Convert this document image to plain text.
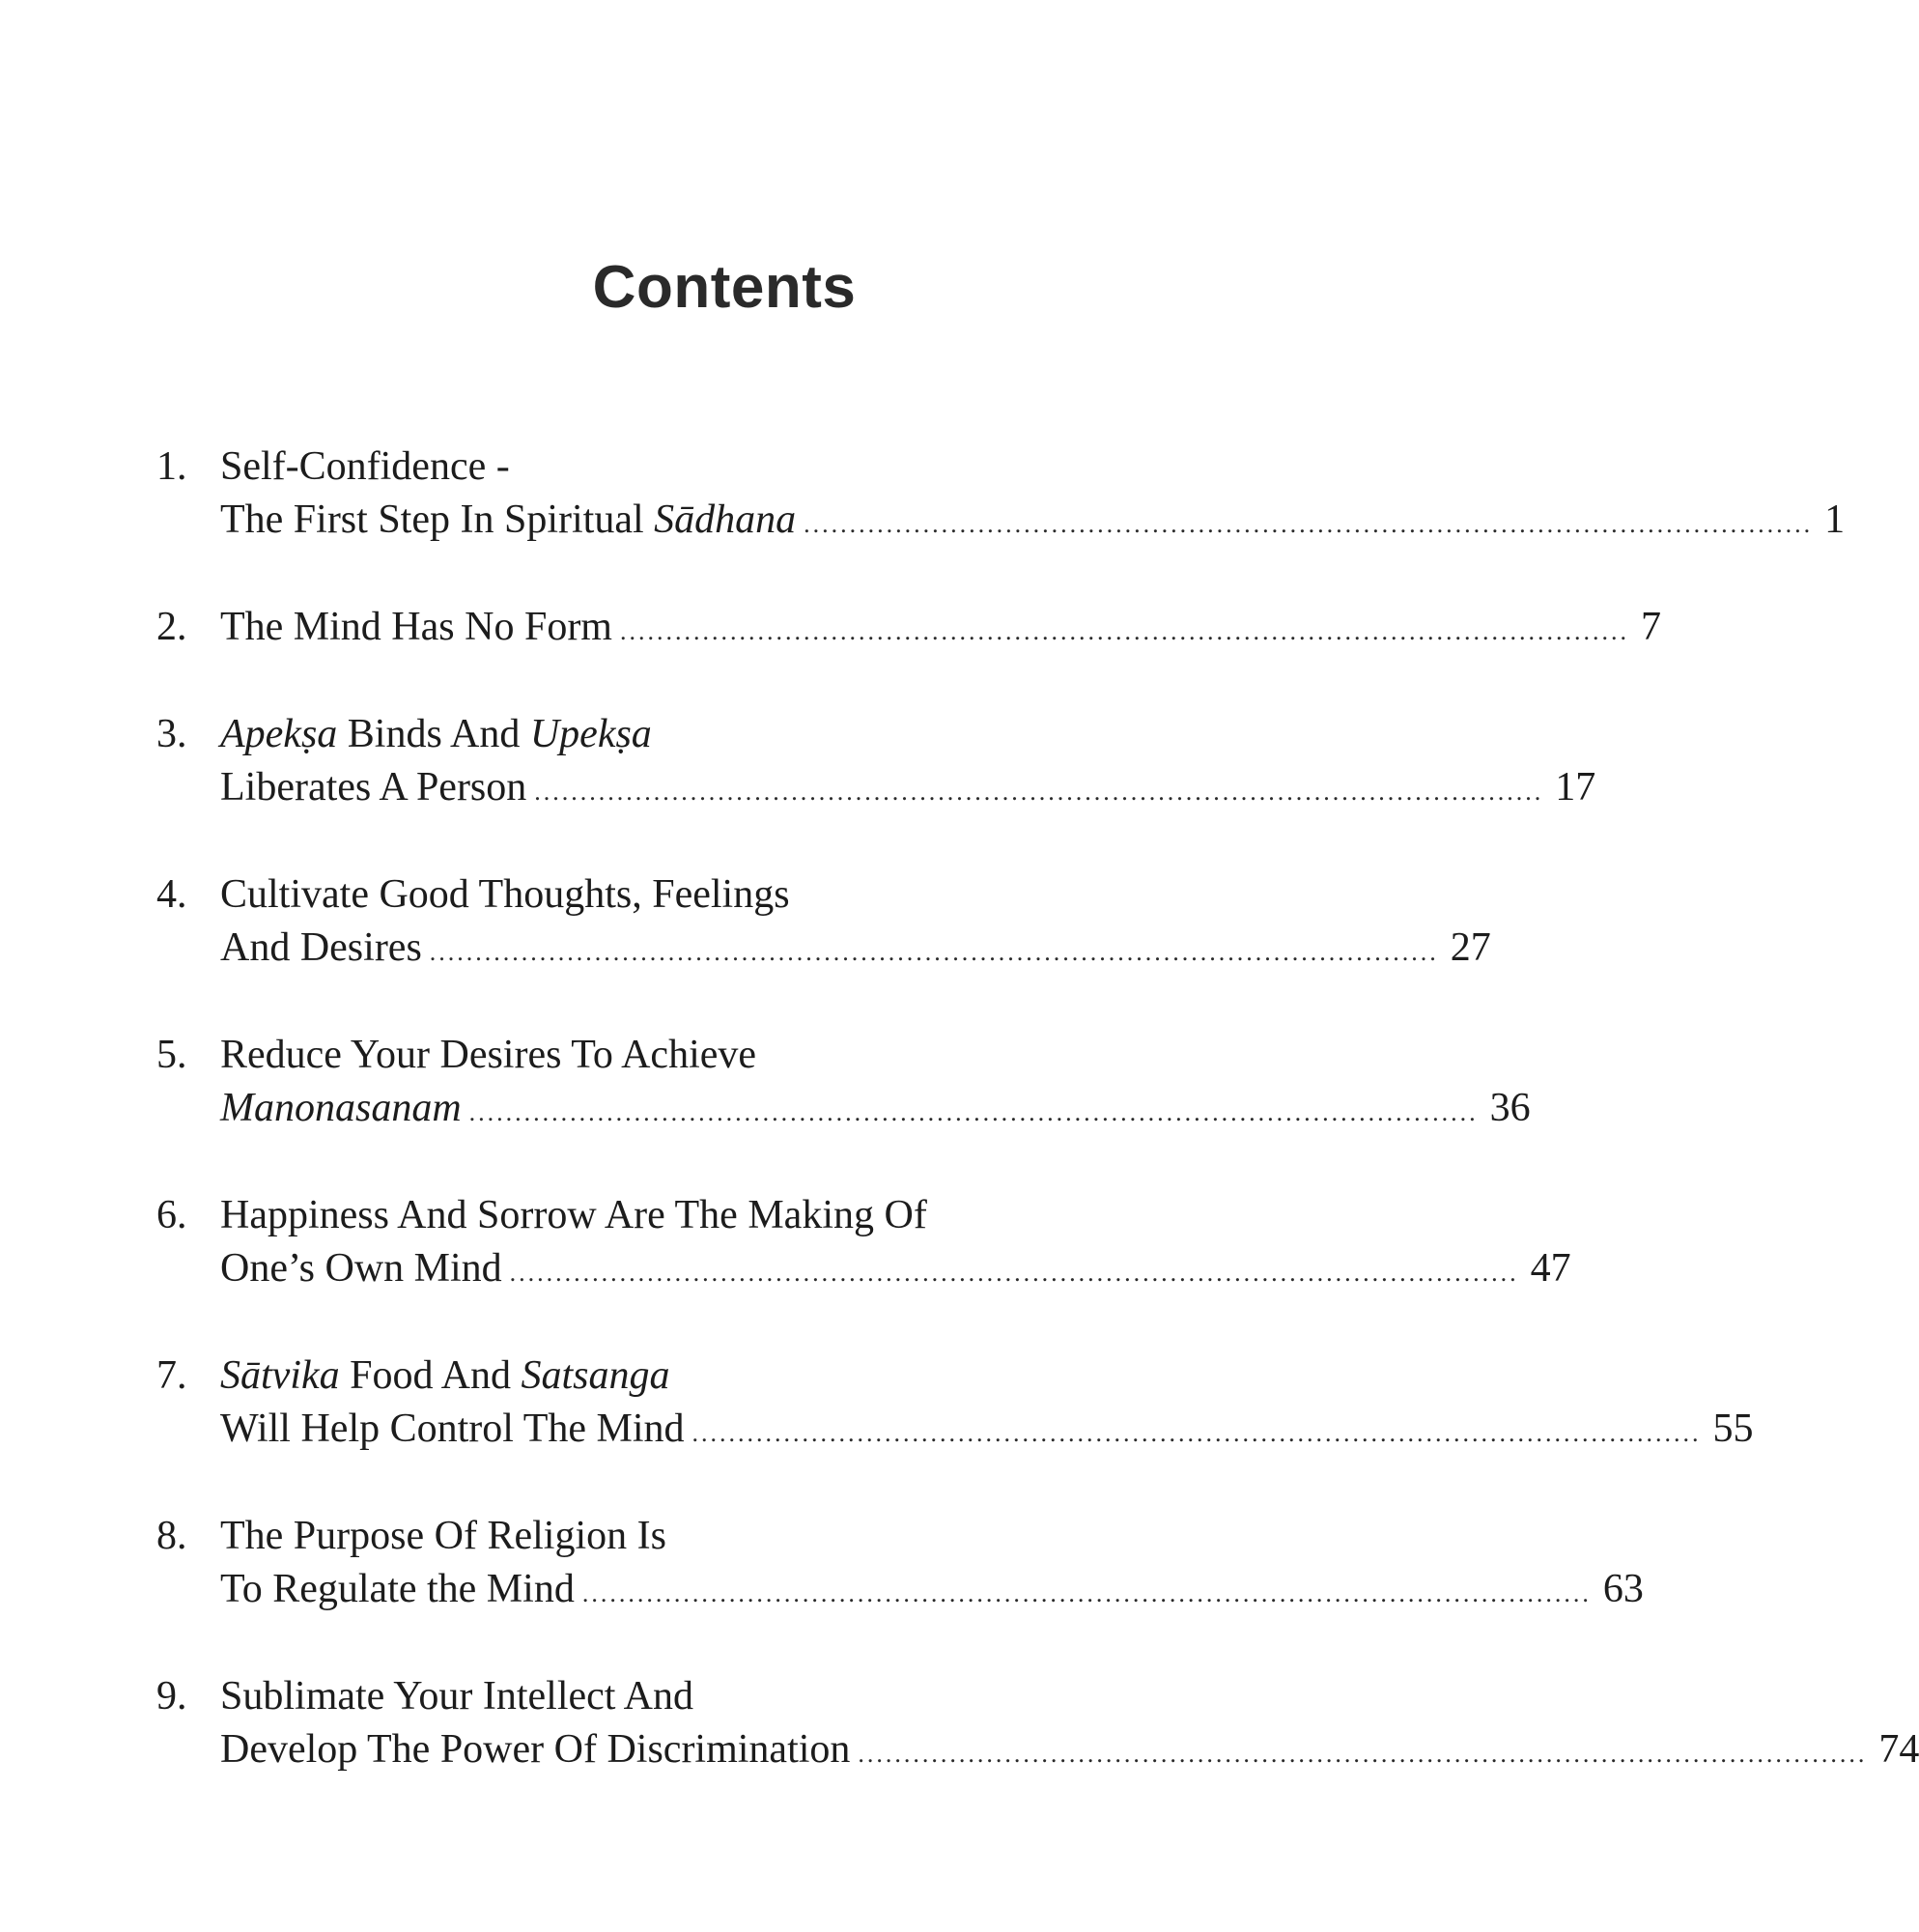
Contents
1. Self-Confidence -
The First Step In Spiritual Sādhana .............................................................................................................. 1
2. The Mind Has No Form .............................................................................................................. 7
3. Apekṣa Binds And Upekṣa
Liberates A Person .............................................................................................................. 17
4. Cultivate Good Thoughts, Feelings
And Desires .............................................................................................................. 27
5. Reduce Your Desires To Achieve
Manonasanam .............................................................................................................. 36
6. Happiness And Sorrow Are The Making Of
One’s Own Mind .............................................................................................................. 47
7. Sātvika Food And Satsanga
Will Help Control The Mind .............................................................................................................. 55
8. The Purpose Of Religion Is
To Regulate the Mind .............................................................................................................. 63
9. Sublimate Your Intellect And
Develop The Power Of Discrimination .............................................................................................................. 74
